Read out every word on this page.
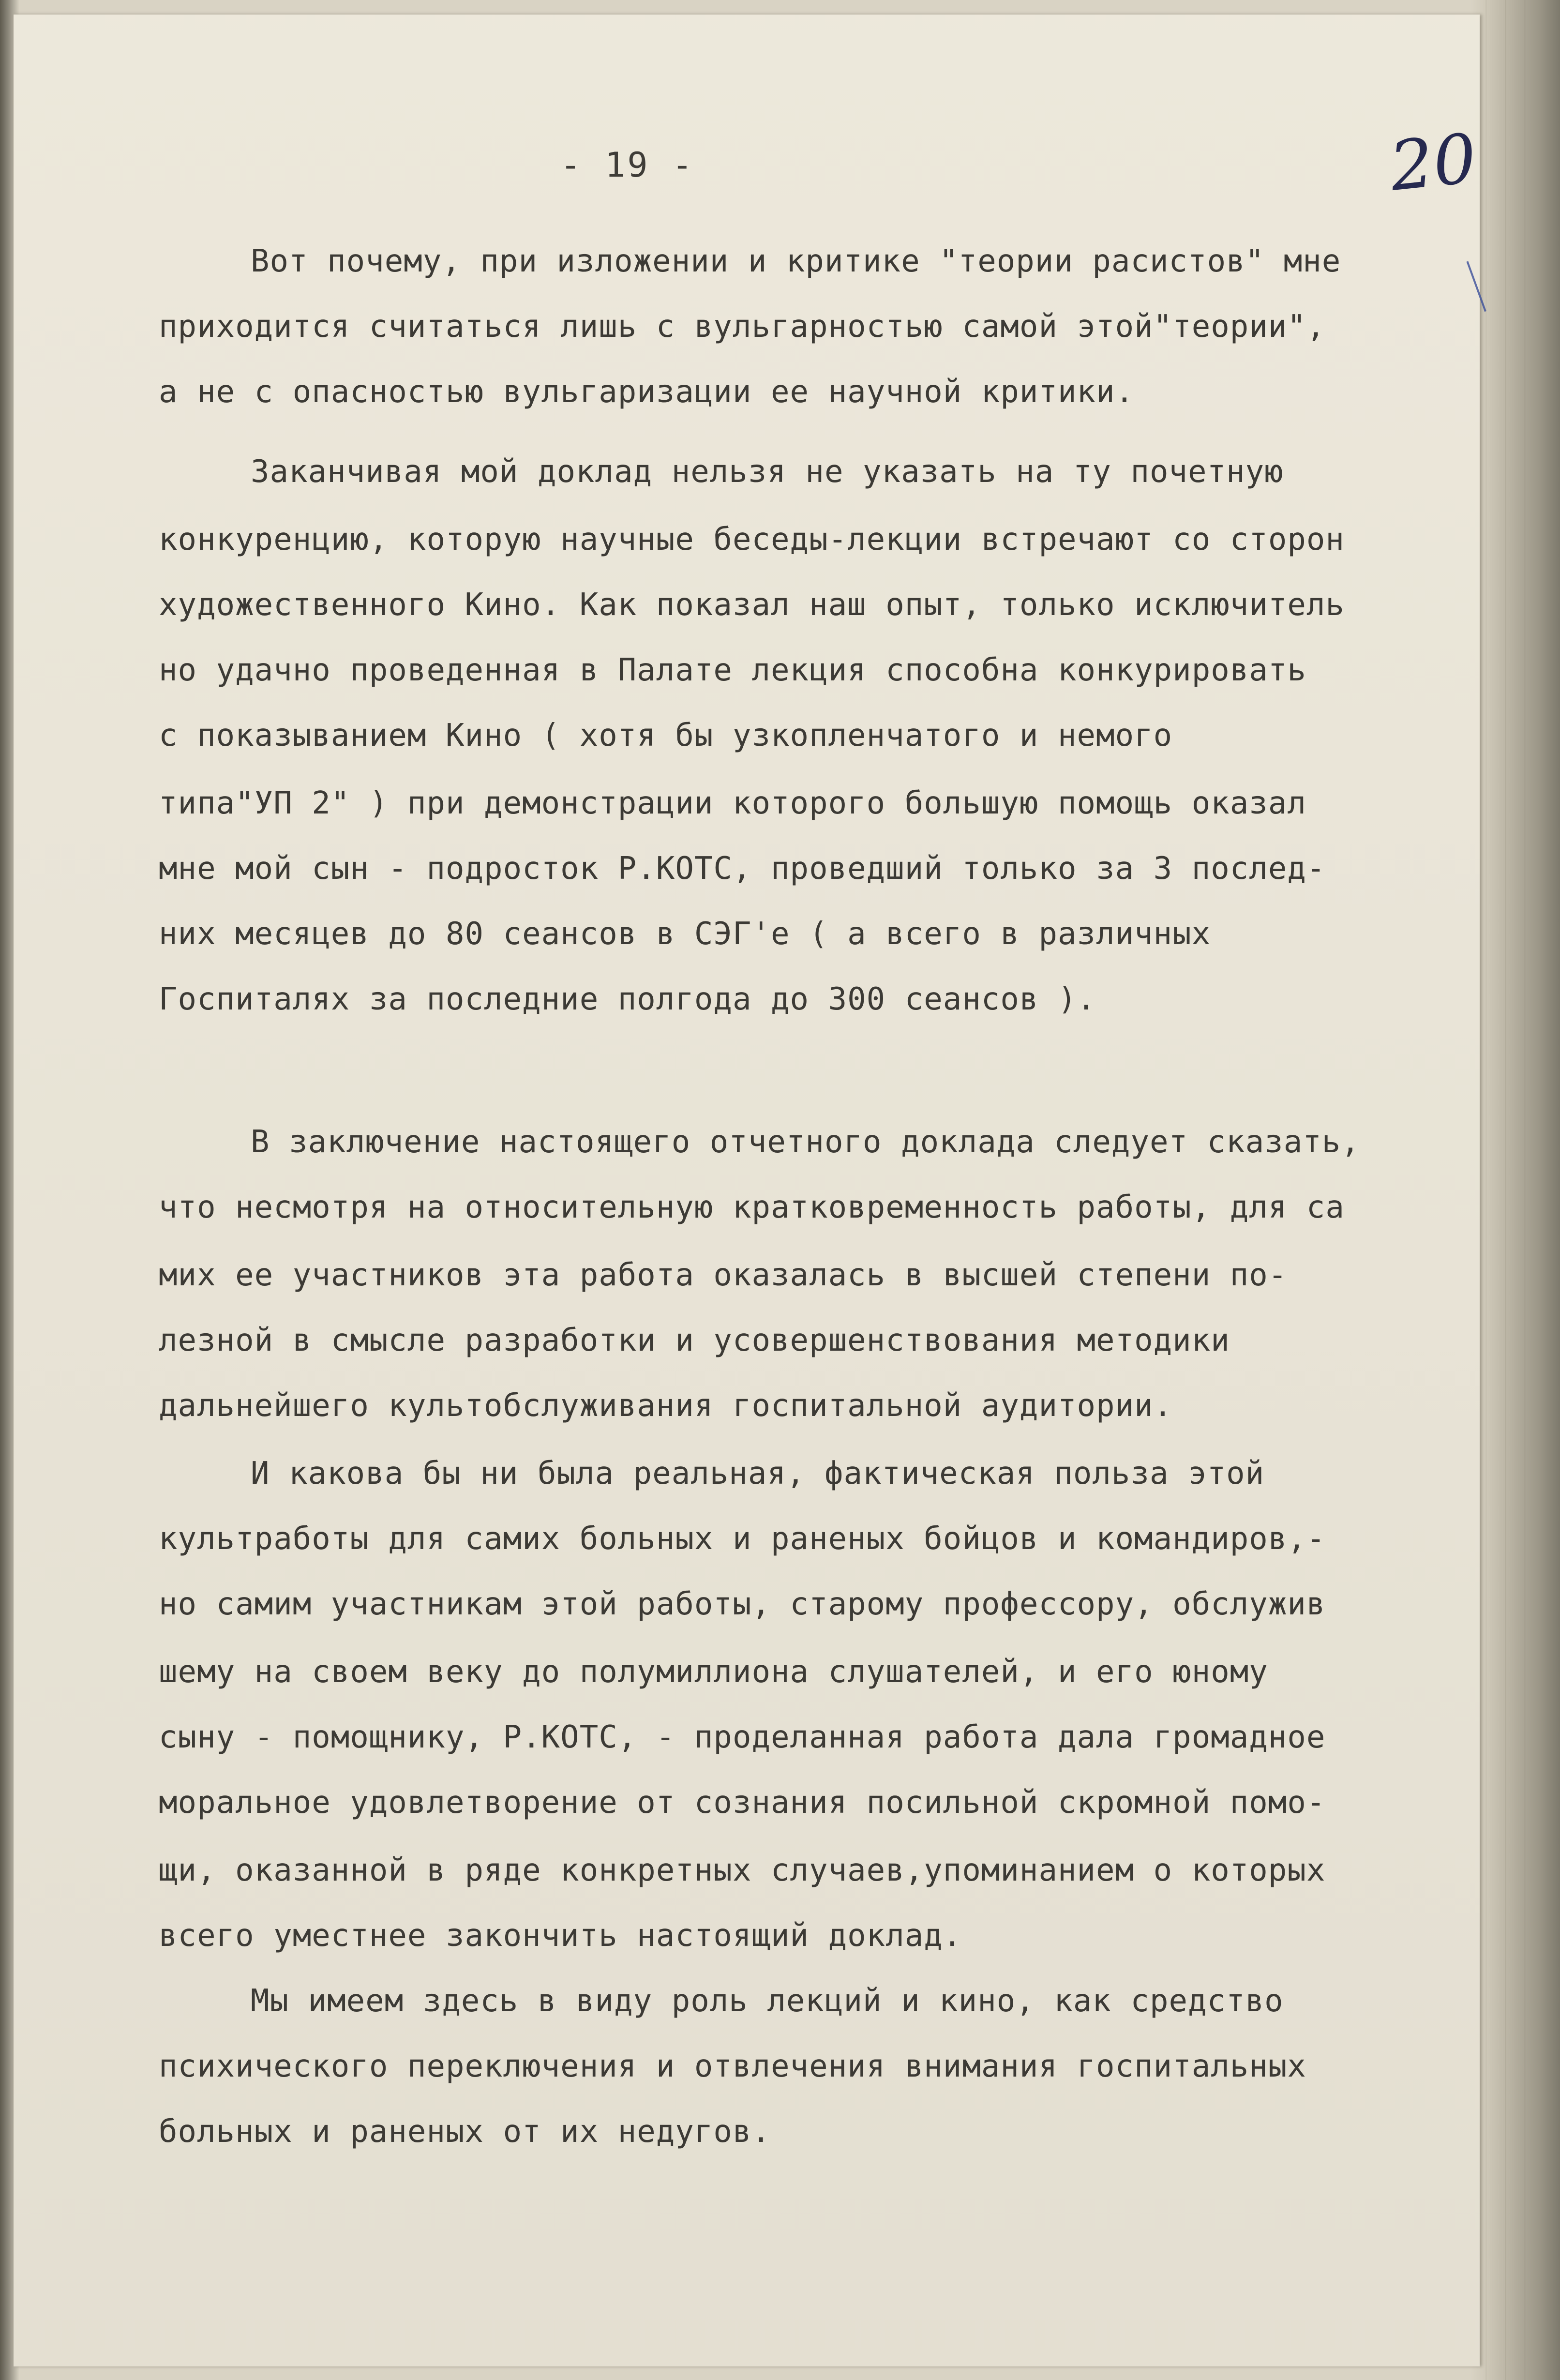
- 19 -	20
Вот почему, при изложении и критике "теории расистов" мне
приходится считаться лишь с вульгарностью самой этой"теории",
а не с опасностью вульгаризации ее научной критики.
Заканчивая мой доклад нельзя не указать на ту почетную
конкуренцию, которую научные беседы-лекции встречают со сторон
художественного Кино. Как показал наш опыт, только исключитель
но удачно проведенная в Палате лекция способна конкурировать
с показыванием Кино ( хотя бы узкопленчатого и немого
типа"УП 2" ) при демонстрации которого большую помощь оказал
мне мой сын - подросток Р.КОТС, проведший только за 3 послед-
них месяцев до 80 сеансов в СЭГ'е ( а всего в различных
Госпиталях за последние полгода до 300 сеансов ).
В заключение настоящего отчетного доклада следует сказать,
что несмотря на относительную кратковременность работы, для са
мих ее участников эта работа оказалась в высшей степени по-
лезной в смысле разработки и усовершенствования методики
дальнейшего культобслуживания госпитальной аудитории.
И какова бы ни была реальная, фактическая польза этой
культработы для самих больных и раненых бойцов и командиров,-
но самим участникам этой работы, старому профессору, обслужив
шему на своем веку до полумиллиона слушателей, и его юному
сыну - помощнику, Р.КОТС, - проделанная работа дала громадное
моральное удовлетворение от сознания посильной скромной помо-
щи, оказанной в ряде конкретных случаев,упоминанием о которых
всего уместнее закончить настоящий доклад.
Мы имеем здесь в виду роль лекций и кино, как средство
психического переключения и отвлечения внимания госпитальных
больных и раненых от их недугов.
